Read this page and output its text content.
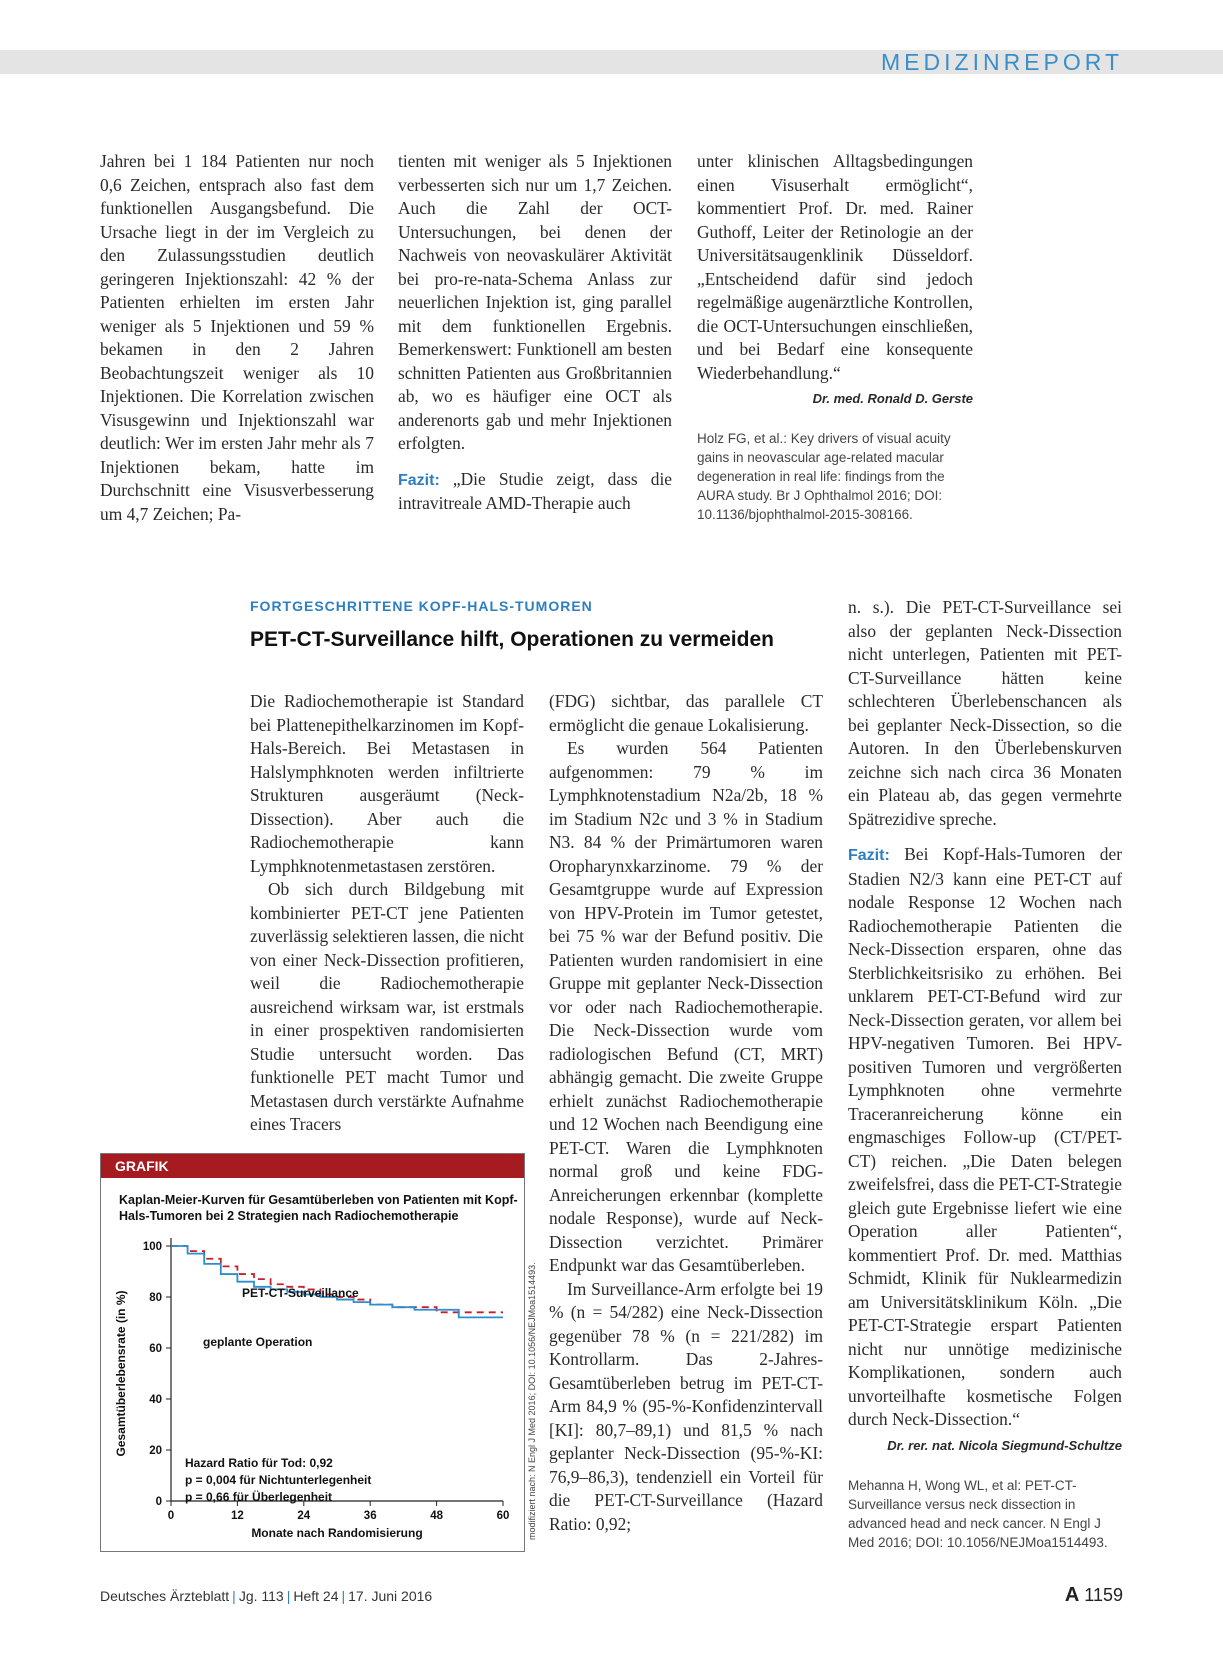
MEDIZINREPORT

Jahren bei 1 184 Patienten nur noch 0,6 Zeichen, entsprach also fast dem funktionellen Ausgangsbefund. Die Ursache liegt in der im Vergleich zu den Zulassungsstudien deutlich geringeren Injektionszahl: 42 % der Patienten erhielten im ersten Jahr weniger als 5 Injektionen und 59 % bekamen in den 2 Jahren Beobachtungszeit weniger als 10 Injektionen. Die Korrelation zwischen Visusgewinn und Injektionszahl war deutlich: Wer im ersten Jahr mehr als 7 Injektionen bekam, hatte im Durchschnitt eine Visusverbesserung um 4,7 Zeichen; Pa-

tienten mit weniger als 5 Injektionen verbesserten sich nur um 1,7 Zeichen. Auch die Zahl der OCT-Untersuchungen, bei denen der Nachweis von neovaskulärer Aktivität bei pro-re-nata-Schema Anlass zur neuerlichen Injektion ist, ging parallel mit dem funktionellen Ergebnis. Bemerkenswert: Funktionell am besten schnitten Patienten aus Großbritannien ab, wo es häufiger eine OCT als anderenorts gab und mehr Injektionen erfolgten.

Fazit: „Die Studie zeigt, dass die intravitreale AMD-Therapie auch

unter klinischen Alltagsbedingungen einen Visuserhalt ermöglicht“, kommentiert Prof. Dr. med. Rainer Guthoff, Leiter der Retinologie an der Universitätsaugenklinik Düsseldorf. „Entscheidend dafür sind jedoch regelmäßige augenärztliche Kontrollen, die OCT-Untersuchungen einschließen, und bei Bedarf eine konsequente Wiederbehandlung.“
Dr. med. Ronald D. Gerste

Holz FG, et al.: Key drivers of visual acuity gains in neovascular age-related macular degeneration in real life: findings from the AURA study. Br J Ophthalmol 2016; DOI: 10.1136/bjophthalmol-2015-308166.
FORTGESCHRITTENE KOPF-HALS-TUMOREN
PET-CT-Surveillance hilft, Operationen zu vermeiden

Die Radiochemotherapie ist Standard bei Plattenepithelkarzinomen im Kopf-Hals-Bereich. Bei Metastasen in Halslymphknoten werden infiltrierte Strukturen ausgeräumt (Neck-Dissection). Aber auch die Radiochemotherapie kann Lymphknotenmetastasen zerstören.

Ob sich durch Bildgebung mit kombinierter PET-CT jene Patienten zuverlässig selektieren lassen, die nicht von einer Neck-Dissection profitieren, weil die Radiochemotherapie ausreichend wirksam war, ist erstmals in einer prospektiven randomisierten Studie untersucht worden. Das funktionelle PET macht Tumor und Metastasen durch verstärkte Aufnahme eines Tracers

(FDG) sichtbar, das parallele CT ermöglicht die genaue Lokalisierung.

Es wurden 564 Patienten aufgenommen: 79 % im Lymphknotenstadium N2a/2b, 18 % im Stadium N2c und 3 % in Stadium N3. 84 % der Primärtumoren waren Oropharynxkarzinome. 79 % der Gesamtgruppe wurde auf Expression von HPV-Protein im Tumor getestet, bei 75 % war der Befund positiv. Die Patienten wurden randomisiert in eine Gruppe mit geplanter Neck-Dissection vor oder nach Radiochemotherapie. Die Neck-Dissection wurde vom radiologischen Befund (CT, MRT) abhängig gemacht. Die zweite Gruppe erhielt zunächst Radiochemotherapie und 12 Wochen nach Beendigung eine PET-CT. Waren die Lymphknoten normal groß und keine FDG-Anreicherungen erkennbar (komplette nodale Response), wurde auf Neck-Dissection verzichtet. Primärer Endpunkt war das Gesamtüberleben.

Im Surveillance-Arm erfolgte bei 19 % (n = 54/282) eine Neck-Dissection gegenüber 78 % (n = 221/282) im Kontrollarm. Das 2-Jahres-Gesamtüberleben betrug im PET-CT-Arm 84,9 % (95-%-Konfidenzintervall [KI]: 80,7–89,1) und 81,5 % nach geplanter Neck-Dissection (95-%-KI: 76,9–86,3), tendenziell ein Vorteil für die PET-CT-Surveillance (Hazard Ratio: 0,92;

n. s.). Die PET-CT-Surveillance sei also der geplanten Neck-Dissection nicht unterlegen, Patienten mit PET-CT-Surveillance hätten keine schlechteren Überlebenschancen als bei geplanter Neck-Dissection, so die Autoren. In den Überlebenskurven zeichne sich nach circa 36 Monaten ein Plateau ab, das gegen vermehrte Spätrezidive spreche.

Fazit: Bei Kopf-Hals-Tumoren der Stadien N2/3 kann eine PET-CT auf nodale Response 12 Wochen nach Radiochemotherapie Patienten die Neck-Dissection ersparen, ohne das Sterblichkeitsrisiko zu erhöhen. Bei unklarem PET-CT-Befund wird zur Neck-Dissection geraten, vor allem bei HPV-negativen Tumoren. Bei HPV-positiven Tumoren und vergrößerten Lymphknoten ohne vermehrte Traceranreicherung könne ein engmaschiges Follow-up (CT/PET-CT) reichen. „Die Daten belegen zweifelsfrei, dass die PET-CT-Strategie gleich gute Ergebnisse liefert wie eine Operation aller Patienten“, kommentiert Prof. Dr. med. Matthias Schmidt, Klinik für Nuklearmedizin am Universitätsklinikum Köln. „Die PET-CT-Strategie erspart Patienten nicht nur unnötige medizinische Komplikationen, sondern auch unvorteilhafte kosmetische Folgen durch Neck-Dissection.“
Dr. rer. nat. Nicola Siegmund-Schultze

Mehanna H, Wong WL, et al: PET-CT-Surveillance versus neck dissection in advanced head and neck cancer. N Engl J Med 2016; DOI: 10.1056/NEJMoa1514493.
GRAFIK
Kaplan-Meier-Kurven für Gesamtüberleben von Patienten mit Kopf-Hals-Tumoren bei 2 Strategien nach Radiochemotherapie
0
20
40
60
80
100
0	12	24	36	48	60
Monate nach Randomisierung
Gesamtüberlebensrate (in %)	PET-CT-Surveillance
geplante Operation
Hazard Ratio für Tod: 0,92
p = 0,004 für Nichtunterlegenheit
p = 0,66 für Überlegenheit	modifiziert nach: N Engl J Med 2016; DOI: 10.1056/NEJMoa1514493.
Deutsches Ärzteblatt | Jg. 113 | Heft 24 | 17. Juni 2016	A 1159
